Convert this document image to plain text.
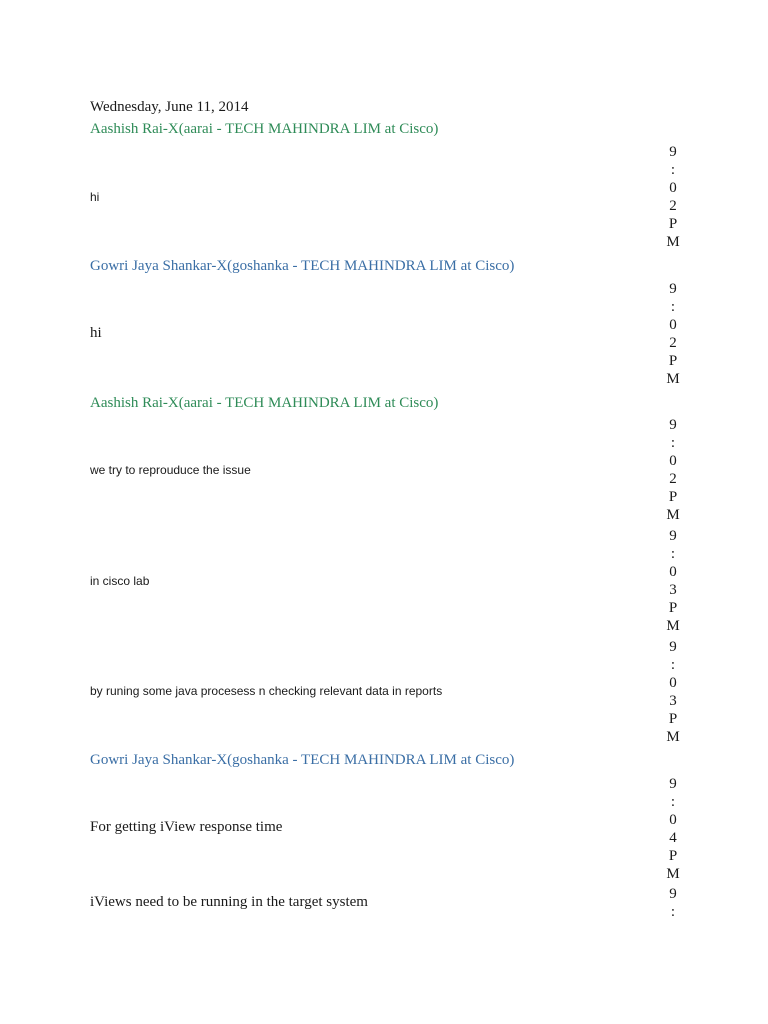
Wednesday, June 11, 2014
Aashish Rai-X(aarai - TECH MAHINDRA LIM at Cisco)
hi
9
:
0
2
P
M
Gowri Jaya Shankar-X(goshanka - TECH MAHINDRA LIM at Cisco)
hi
9
:
0
2
P
M
Aashish Rai-X(aarai - TECH MAHINDRA LIM at Cisco)
we try to reprouduce the issue
9
:
0
2
P
M
in cisco lab
9
:
0
3
P
M
by runing some java procesess n checking relevant data in reports
9
:
0
3
P
M
Gowri Jaya Shankar-X(goshanka - TECH MAHINDRA LIM at Cisco)
For getting iView response time
9
:
0
4
P
M
iViews need to be running in the target system	9
:
